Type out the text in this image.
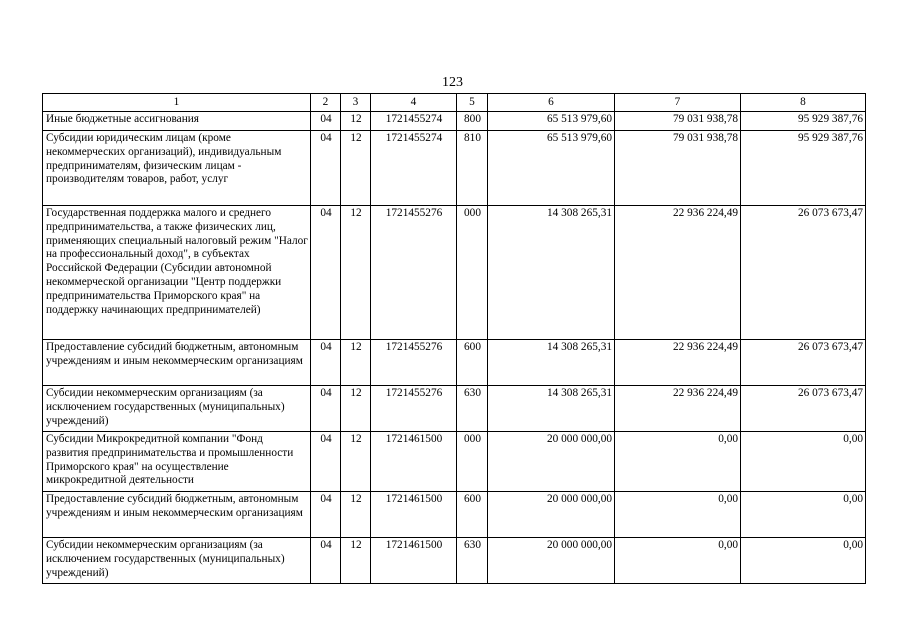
123
1	2	3	4	5	6	7	8
Иные бюджетные ассигнования	04	12	1721455274	800	65 513 979,60	79 031 938,78	95 929 387,76
Субсидии юридическим лицам (кроме некоммерческих организаций), индивидуальным предпринимателям, физическим лицам - производителям товаров, работ, услуг	04	12	1721455274	810	65 513 979,60	79 031 938,78	95 929 387,76
Государственная поддержка малого и среднего предпринимательства, а также физических лиц, применяющих специальный налоговый режим "Налог на профессиональный доход", в субъектах Российской Федерации (Субсидии автономной некоммерческой организации "Центр поддержки предпринимательства Приморского края" на поддержку начинающих предпринимателей)	04	12	1721455276	000	14 308 265,31	22 936 224,49	26 073 673,47
Предоставление субсидий бюджетным, автономным учреждениям и иным некоммерческим организациям	04	12	1721455276	600	14 308 265,31	22 936 224,49	26 073 673,47
Субсидии некоммерческим организациям (за исключением государственных (муниципальных) учреждений)	04	12	1721455276	630	14 308 265,31	22 936 224,49	26 073 673,47
Субсидии Микрокредитной компании "Фонд развития предпринимательства и промышленности Приморского края" на осуществление микрокредитной деятельности	04	12	1721461500	000	20 000 000,00	0,00	0,00
Предоставление субсидий бюджетным, автономным учреждениям и иным некоммерческим организациям	04	12	1721461500	600	20 000 000,00	0,00	0,00
Субсидии некоммерческим организациям (за исключением государственных (муниципальных) учреждений)	04	12	1721461500	630	20 000 000,00	0,00	0,00
